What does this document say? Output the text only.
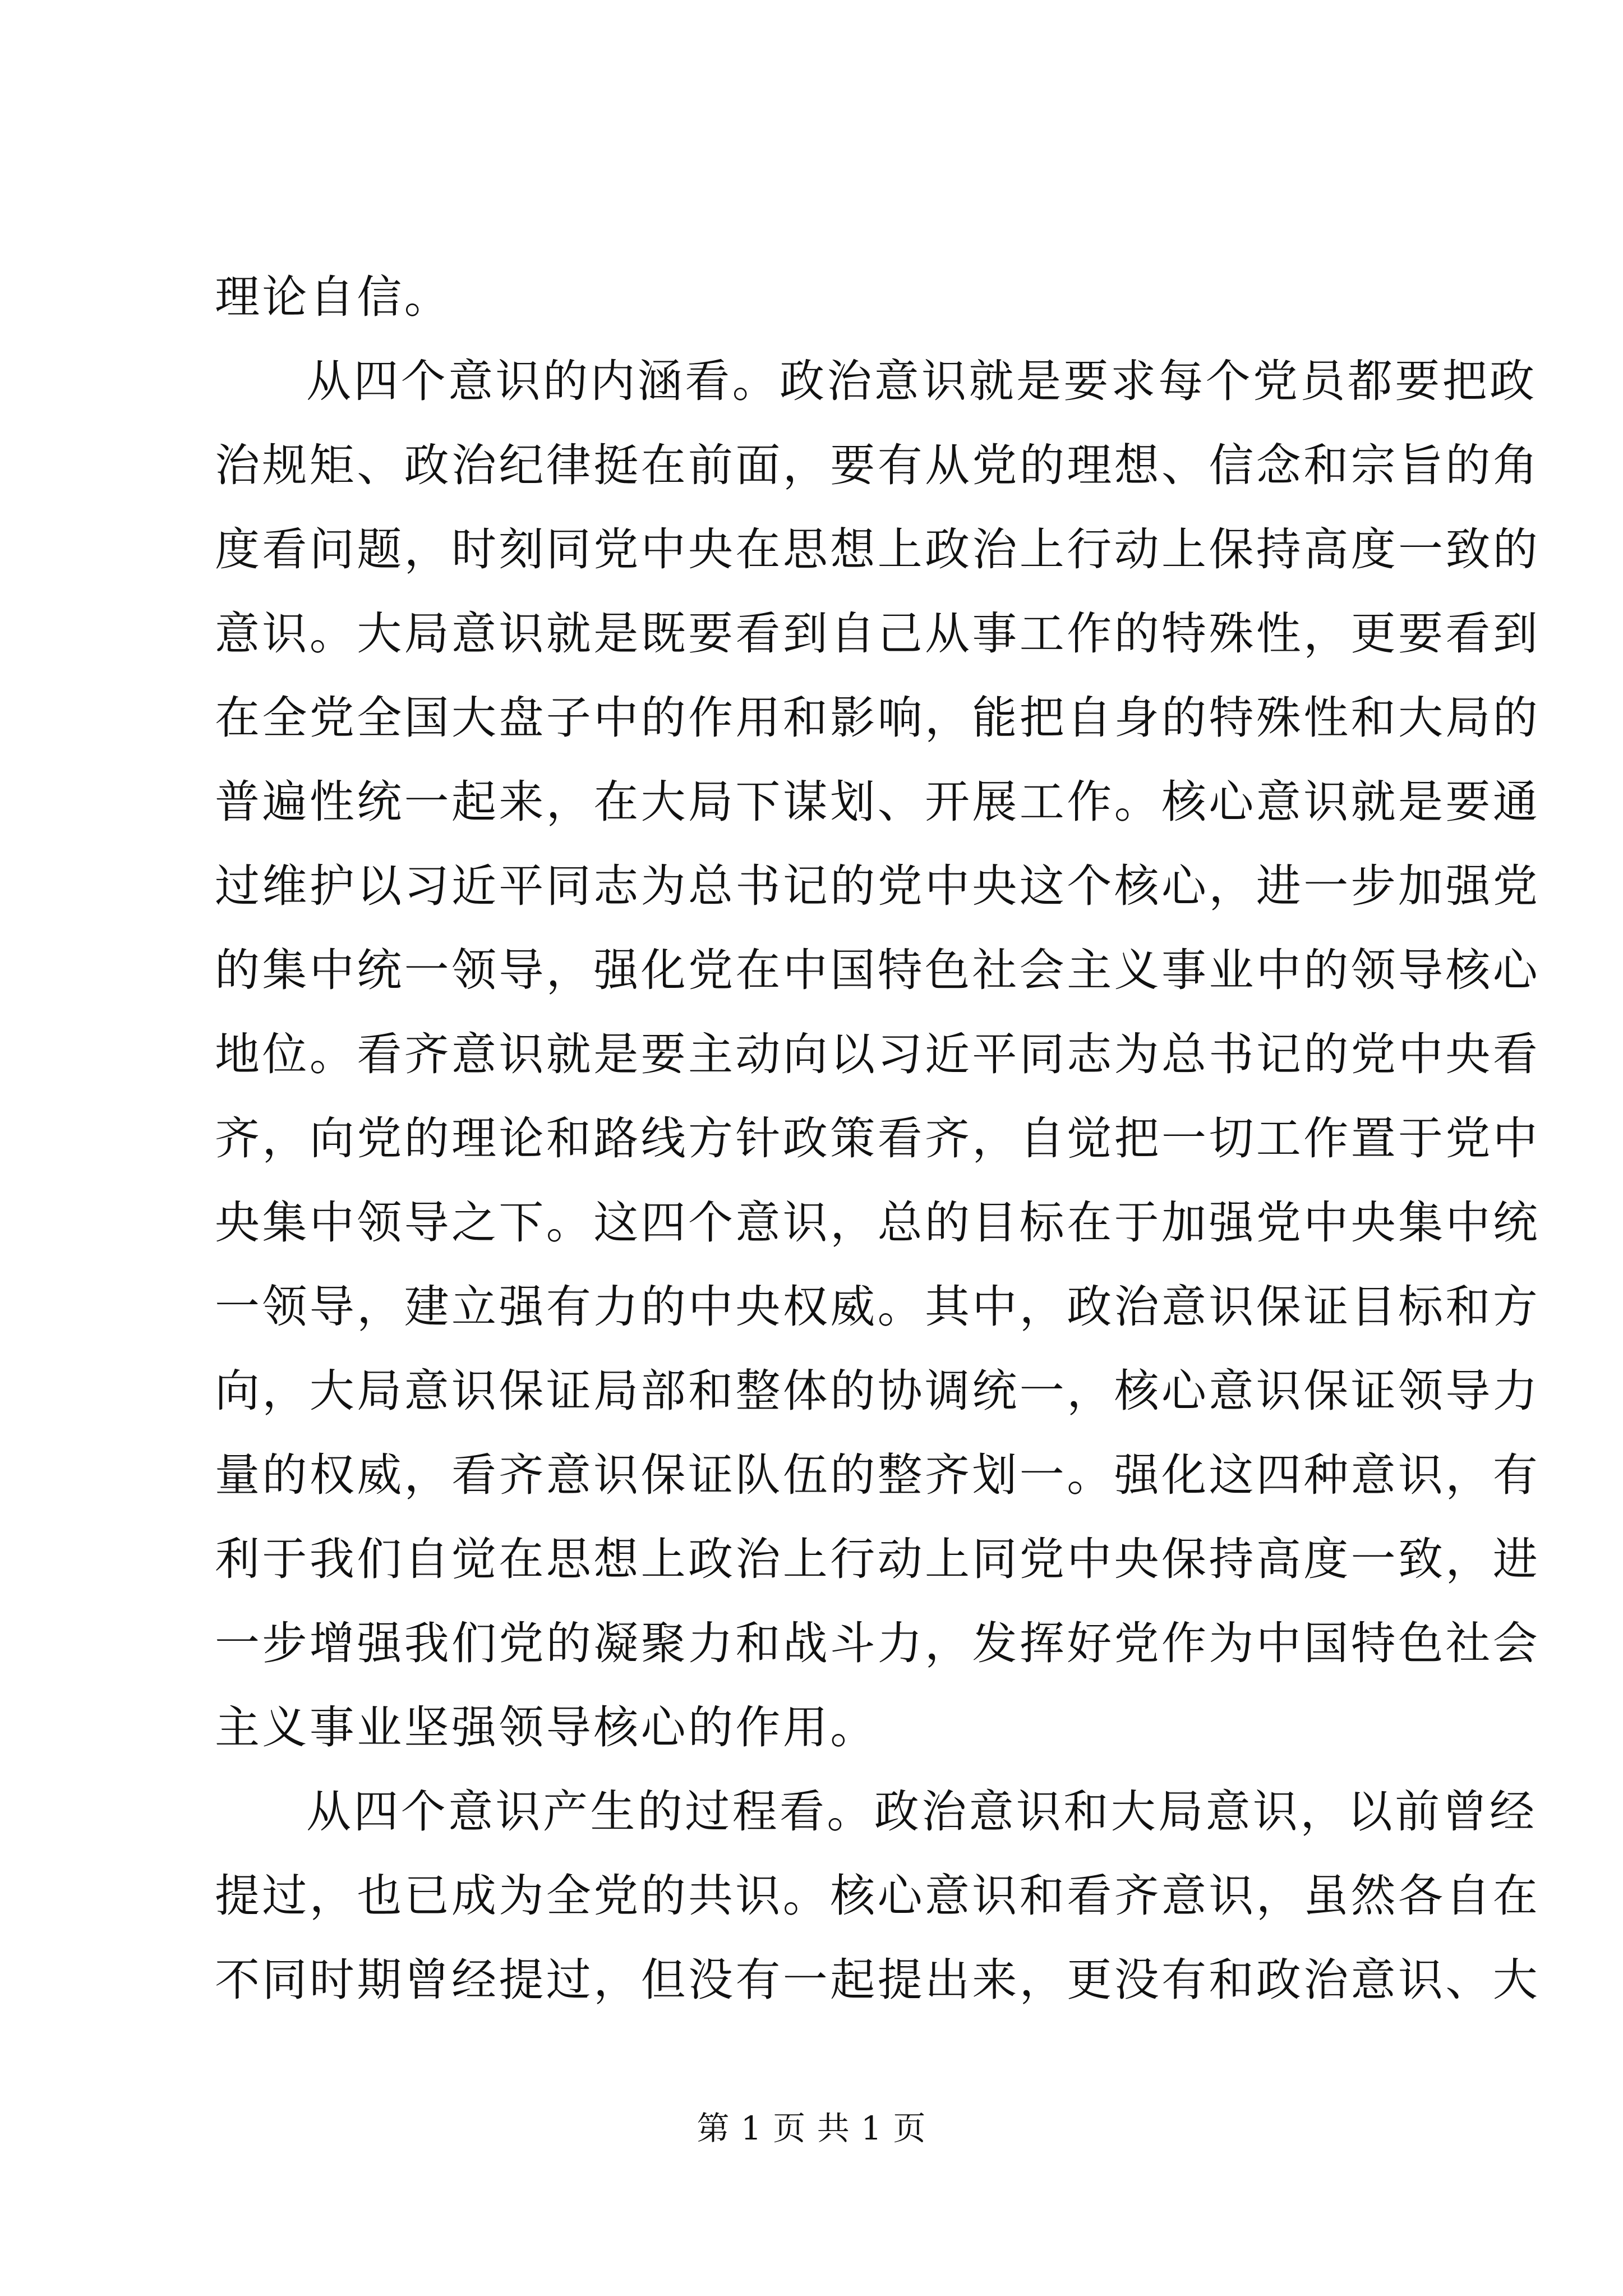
理论自信。
从四个意识的内涵看。政治意识就是要求每个党员都要把政
治规矩、政治纪律挺在前面，要有从党的理想、信念和宗旨的角
度看问题，时刻同党中央在思想上政治上行动上保持高度一致的
意识。大局意识就是既要看到自己从事工作的特殊性，更要看到
在全党全国大盘子中的作用和影响，能把自身的特殊性和大局的
普遍性统一起来，在大局下谋划、开展工作。核心意识就是要通
过维护以习近平同志为总书记的党中央这个核心，进一步加强党
的集中统一领导，强化党在中国特色社会主义事业中的领导核心
地位。看齐意识就是要主动向以习近平同志为总书记的党中央看
齐，向党的理论和路线方针政策看齐，自觉把一切工作置于党中
央集中领导之下。这四个意识，总的目标在于加强党中央集中统
一领导，建立强有力的中央权威。其中，政治意识保证目标和方
向，大局意识保证局部和整体的协调统一，核心意识保证领导力
量的权威，看齐意识保证队伍的整齐划一。强化这四种意识，有
利于我们自觉在思想上政治上行动上同党中央保持高度一致，进
一步增强我们党的凝聚力和战斗力，发挥好党作为中国特色社会
主义事业坚强领导核心的作用。
从四个意识产生的过程看。政治意识和大局意识，以前曾经
提过，也已成为全党的共识。核心意识和看齐意识，虽然各自在
不同时期曾经提过，但没有一起提出来，更没有和政治意识、大
第 1 页 共 1 页
